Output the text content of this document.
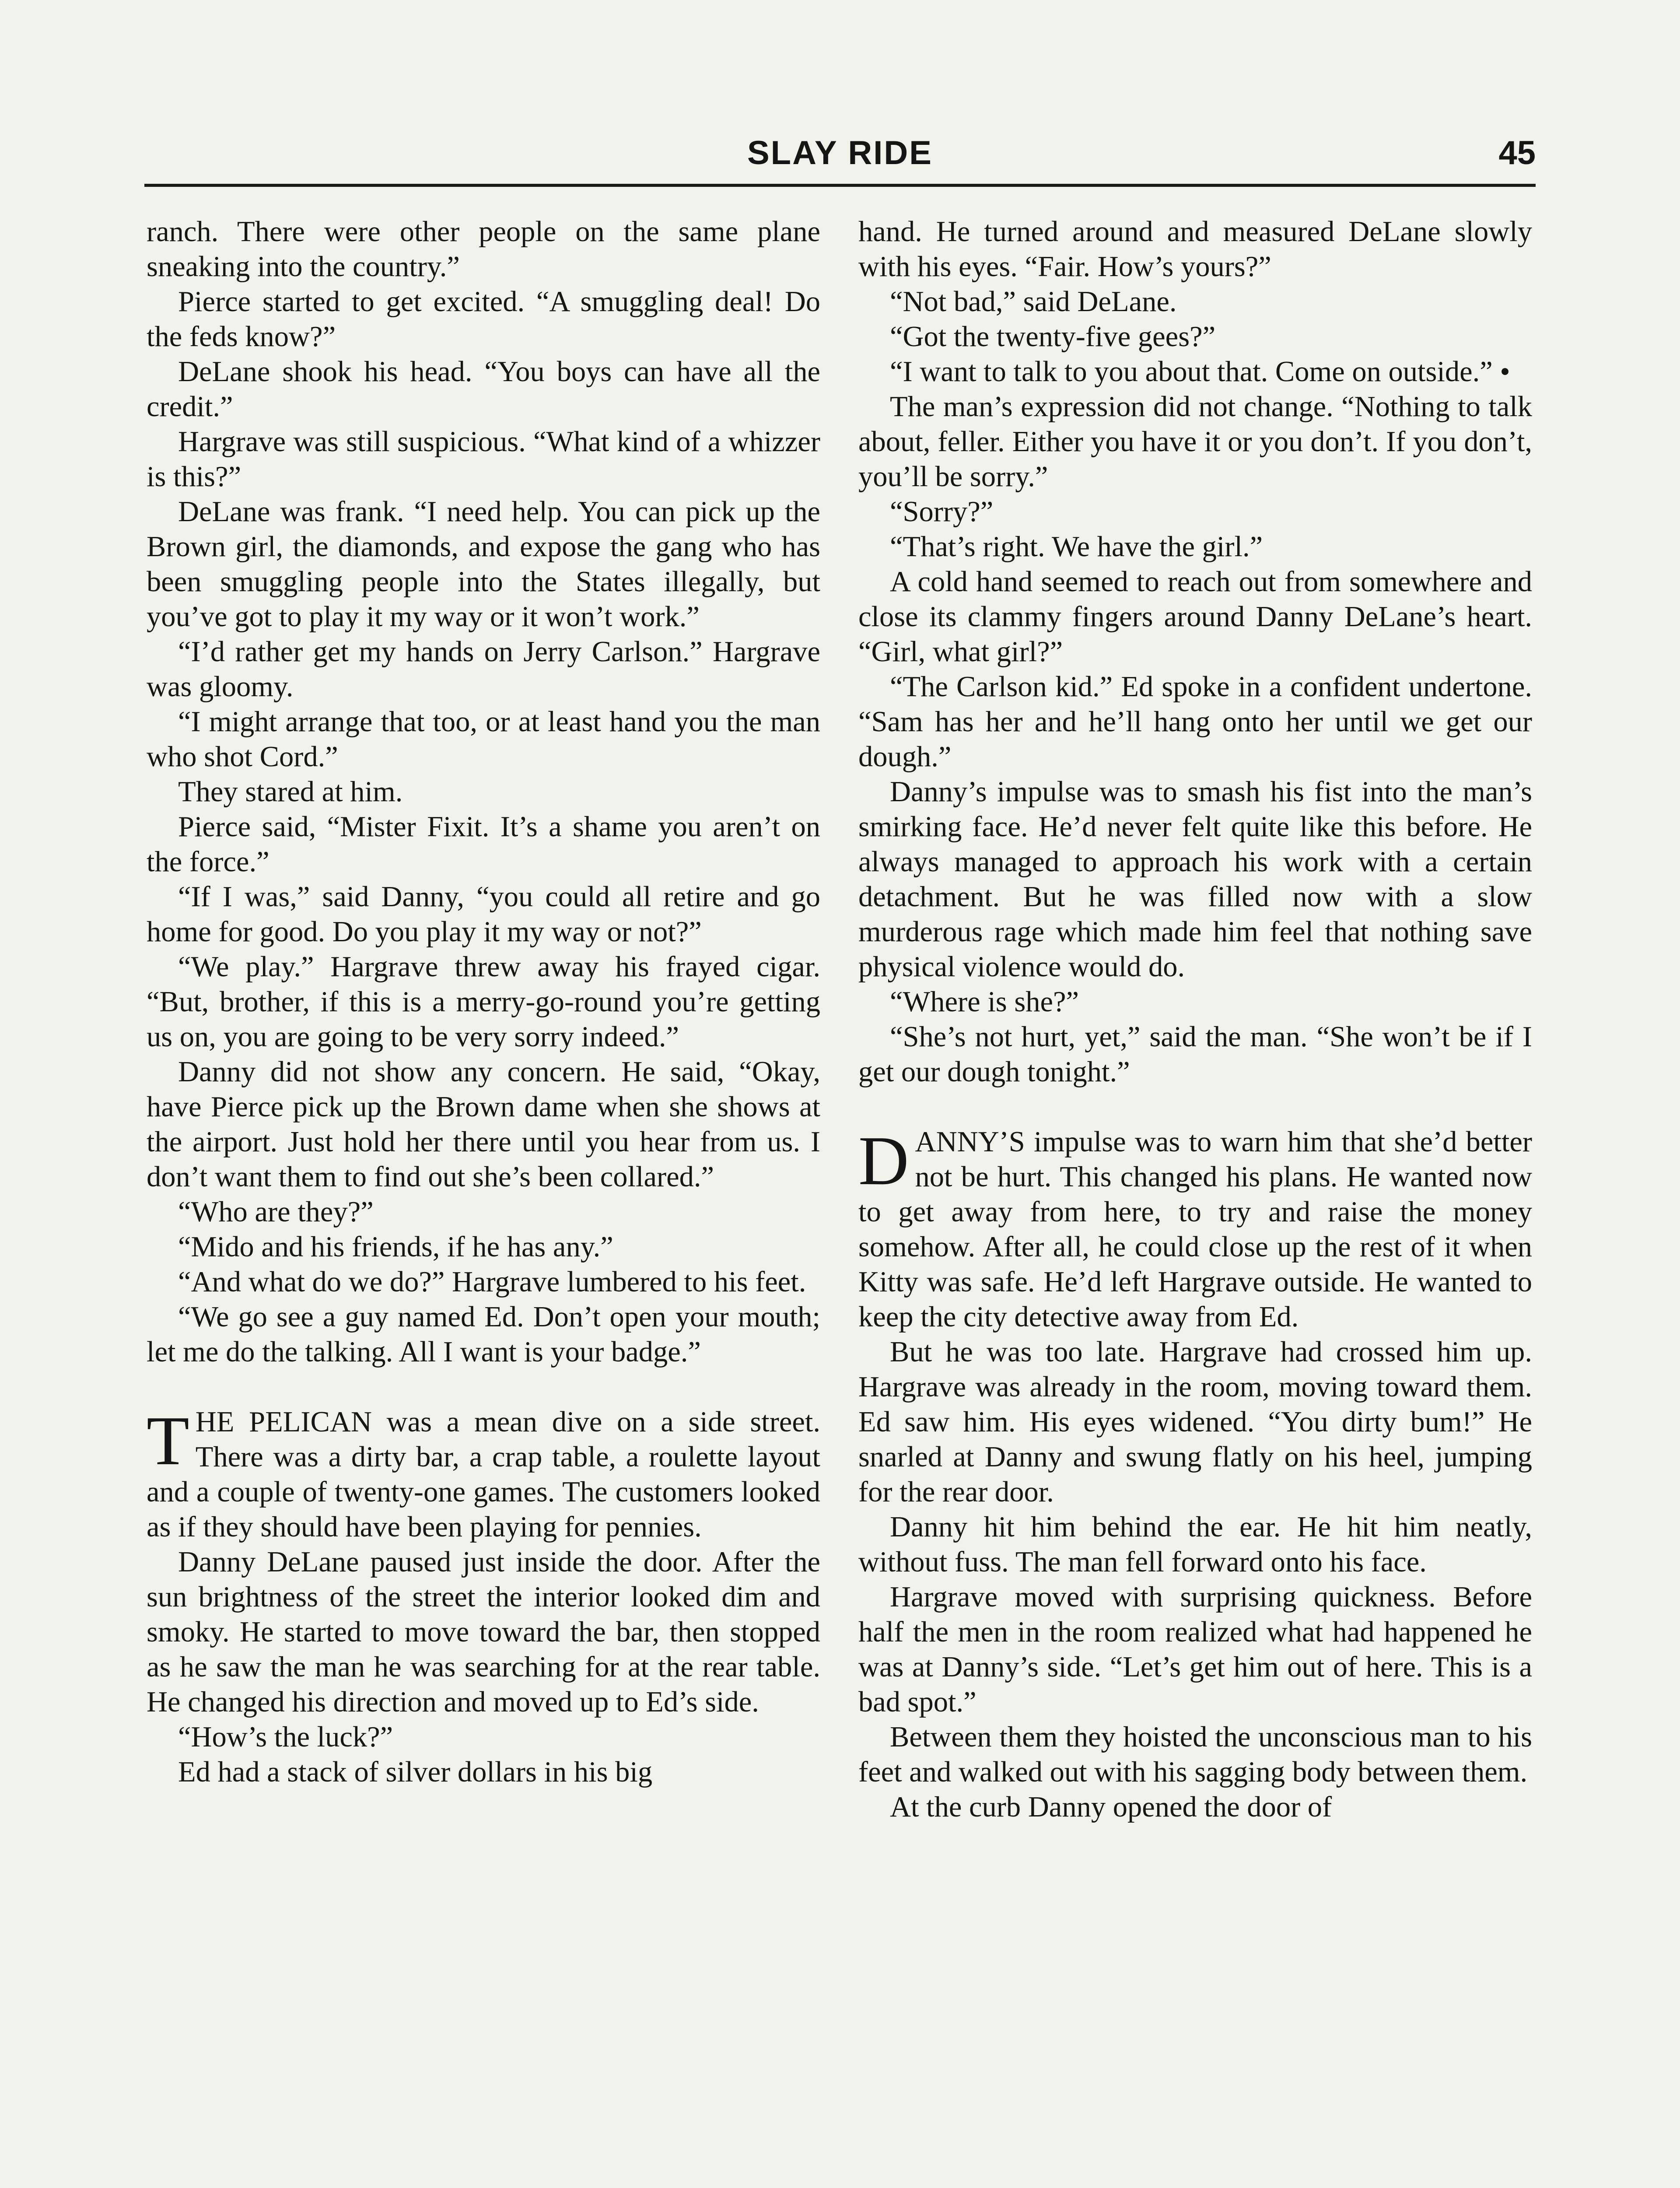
SLAY RIDE	45

ranch. There were other people on the same plane sneaking into the country.”

Pierce started to get excited. “A smuggling deal! Do the feds know?”

DeLane shook his head. “You boys can have all the credit.”

Hargrave was still suspicious. “What kind of a whizzer is this?”

DeLane was frank. “I need help. You can pick up the Brown girl, the diamonds, and expose the gang who has been smuggling people into the States illegally, but you’ve got to play it my way or it won’t work.”

“I’d rather get my hands on Jerry Carlson.” Hargrave was gloomy.

“I might arrange that too, or at least hand you the man who shot Cord.”

They stared at him.

Pierce said, “Mister Fixit. It’s a shame you aren’t on the force.”

“If I was,” said Danny, “you could all retire and go home for good. Do you play it my way or not?”

“We play.” Hargrave threw away his frayed cigar. “But, brother, if this is a merry-go-round you’re getting us on, you are going to be very sorry indeed.”

Danny did not show any concern. He said, “Okay, have Pierce pick up the Brown dame when she shows at the airport. Just hold her there until you hear from us. I don’t want them to find out she’s been collared.”

“Who are they?”

“Mido and his friends, if he has any.”

“And what do we do?” Hargrave lumbered to his feet.

“We go see a guy named Ed. Don’t open your mouth; let me do the talking. All I want is your badge.”

THE PELICAN was a mean dive on a side street. There was a dirty bar, a crap table, a roulette layout and a couple of twenty-one games. The customers looked as if they should have been playing for pennies.

Danny DeLane paused just inside the door. After the sun brightness of the street the interior looked dim and smoky. He started to move toward the bar, then stopped as he saw the man he was searching for at the rear table. He changed his direction and moved up to Ed’s side.

“How’s the luck?”

Ed had a stack of silver dollars in his big

hand. He turned around and measured DeLane slowly with his eyes. “Fair. How’s yours?”

“Not bad,” said DeLane.

“Got the twenty-five gees?”

“I want to talk to you about that. Come on outside.” •

The man’s expression did not change. “Nothing to talk about, feller. Either you have it or you don’t. If you don’t, you’ll be sorry.”

“Sorry?”

“That’s right. We have the girl.”

A cold hand seemed to reach out from somewhere and close its clammy fingers around Danny DeLane’s heart. “Girl, what girl?”

“The Carlson kid.” Ed spoke in a confident undertone. “Sam has her and he’ll hang onto her until we get our dough.”

Danny’s impulse was to smash his fist into the man’s smirking face. He’d never felt quite like this before. He always managed to approach his work with a certain detachment. But he was filled now with a slow murderous rage which made him feel that nothing save physical violence would do.

“Where is she?”

“She’s not hurt, yet,” said the man. “She won’t be if I get our dough tonight.”

DANNY’S impulse was to warn him that she’d better not be hurt. This changed his plans. He wanted now to get away from here, to try and raise the money somehow. After all, he could close up the rest of it when Kitty was safe. He’d left Hargrave outside. He wanted to keep the city detective away from Ed.

But he was too late. Hargrave had crossed him up. Hargrave was already in the room, moving toward them. Ed saw him. His eyes widened. “You dirty bum!” He snarled at Danny and swung flatly on his heel, jumping for the rear door.

Danny hit him behind the ear. He hit him neatly, without fuss. The man fell forward onto his face.

Hargrave moved with surprising quickness. Before half the men in the room realized what had happened he was at Danny’s side. “Let’s get him out of here. This is a bad spot.”

Between them they hoisted the unconscious man to his feet and walked out with his sagging body between them.

At the curb Danny opened the door of
